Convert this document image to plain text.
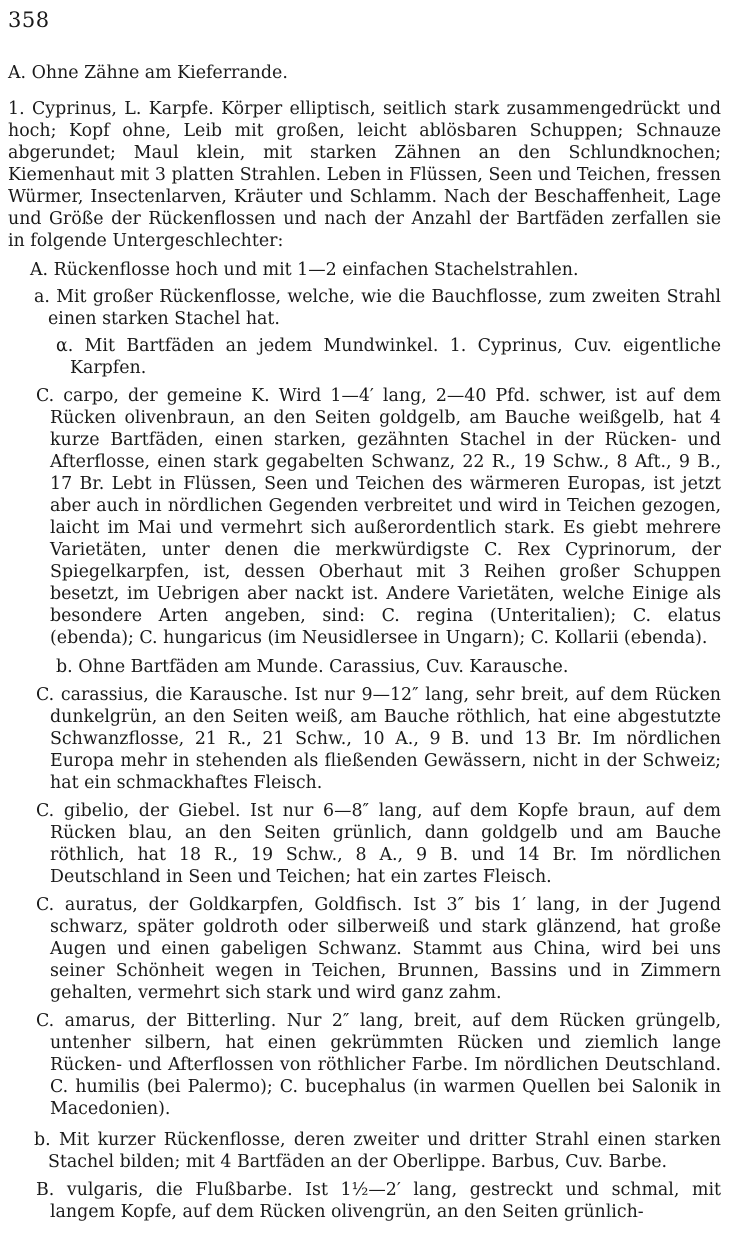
358

A. Ohne Zähne am Kieferrande.

1. Cyprinus, L. Karpfe. Körper elliptisch, seitlich stark zusammengedrückt und hoch; Kopf ohne, Leib mit großen, leicht ablösbaren Schuppen; Schnauze abgerundet; Maul klein, mit starken Zähnen an den Schlundknochen; Kiemenhaut mit 3 platten Strahlen. Leben in Flüssen, Seen und Teichen, fressen Würmer, Insectenlarven, Kräuter und Schlamm. Nach der Beschaffenheit, Lage und Größe der Rückenflossen und nach der Anzahl der Bartfäden zerfallen sie in folgende Untergeschlechter:

A. Rückenflosse hoch und mit 1—2 einfachen Stachelstrahlen.

a. Mit großer Rückenflosse, welche, wie die Bauchflosse, zum zweiten Strahl einen starken Stachel hat.

α. Mit Bartfäden an jedem Mundwinkel. 1. Cyprinus, Cuv. eigentliche Karpfen.

C. carpo, der gemeine K. Wird 1—4′ lang, 2—40 Pfd. schwer, ist auf dem Rücken olivenbraun, an den Seiten goldgelb, am Bauche weißgelb, hat 4 kurze Bartfäden, einen starken, gezähnten Stachel in der Rücken- und Afterflosse, einen stark gegabelten Schwanz, 22 R., 19 Schw., 8 Aft., 9 B., 17 Br. Lebt in Flüssen, Seen und Teichen des wärmeren Europas, ist jetzt aber auch in nördlichen Gegenden verbreitet und wird in Teichen gezogen, laicht im Mai und vermehrt sich außerordentlich stark. Es giebt mehrere Varietäten, unter denen die merkwürdigste C. Rex Cyprinorum, der Spiegelkarpfen, ist, dessen Oberhaut mit 3 Reihen großer Schuppen besetzt, im Uebrigen aber nackt ist. Andere Varietäten, welche Einige als besondere Arten angeben, sind: C. regina (Unteritalien); C. elatus (ebenda); C. hungaricus (im Neusidlersee in Ungarn); C. Kollarii (ebenda).

b. Ohne Bartfäden am Munde. Carassius, Cuv. Karausche.

C. carassius, die Karausche. Ist nur 9—12″ lang, sehr breit, auf dem Rücken dunkelgrün, an den Seiten weiß, am Bauche röthlich, hat eine abgestutzte Schwanzflosse, 21 R., 21 Schw., 10 A., 9 B. und 13 Br. Im nördlichen Europa mehr in stehenden als fließenden Gewässern, nicht in der Schweiz; hat ein schmackhaftes Fleisch.

C. gibelio, der Giebel. Ist nur 6—8″ lang, auf dem Kopfe braun, auf dem Rücken blau, an den Seiten grünlich, dann goldgelb und am Bauche röthlich, hat 18 R., 19 Schw., 8 A., 9 B. und 14 Br. Im nördlichen Deutschland in Seen und Teichen; hat ein zartes Fleisch.

C. auratus, der Goldkarpfen, Goldfisch. Ist 3″ bis 1′ lang, in der Jugend schwarz, später goldroth oder silberweiß und stark glänzend, hat große Augen und einen gabeligen Schwanz. Stammt aus China, wird bei uns seiner Schönheit wegen in Teichen, Brunnen, Bassins und in Zimmern gehalten, vermehrt sich stark und wird ganz zahm.

C. amarus, der Bitterling. Nur 2″ lang, breit, auf dem Rücken grüngelb, untenher silbern, hat einen gekrümmten Rücken und ziemlich lange Rücken- und Afterflossen von röthlicher Farbe. Im nördlichen Deutschland. C. humilis (bei Palermo); C. bucephalus (in warmen Quellen bei Salonik in Macedonien).

b. Mit kurzer Rückenflosse, deren zweiter und dritter Strahl einen starken Stachel bilden; mit 4 Bartfäden an der Oberlippe. Barbus, Cuv. Barbe.

B. vulgaris, die Flußbarbe. Ist 1½—2′ lang, gestreckt und schmal, mit langem Kopfe, auf dem Rücken olivengrün, an den Seiten grünlich-
